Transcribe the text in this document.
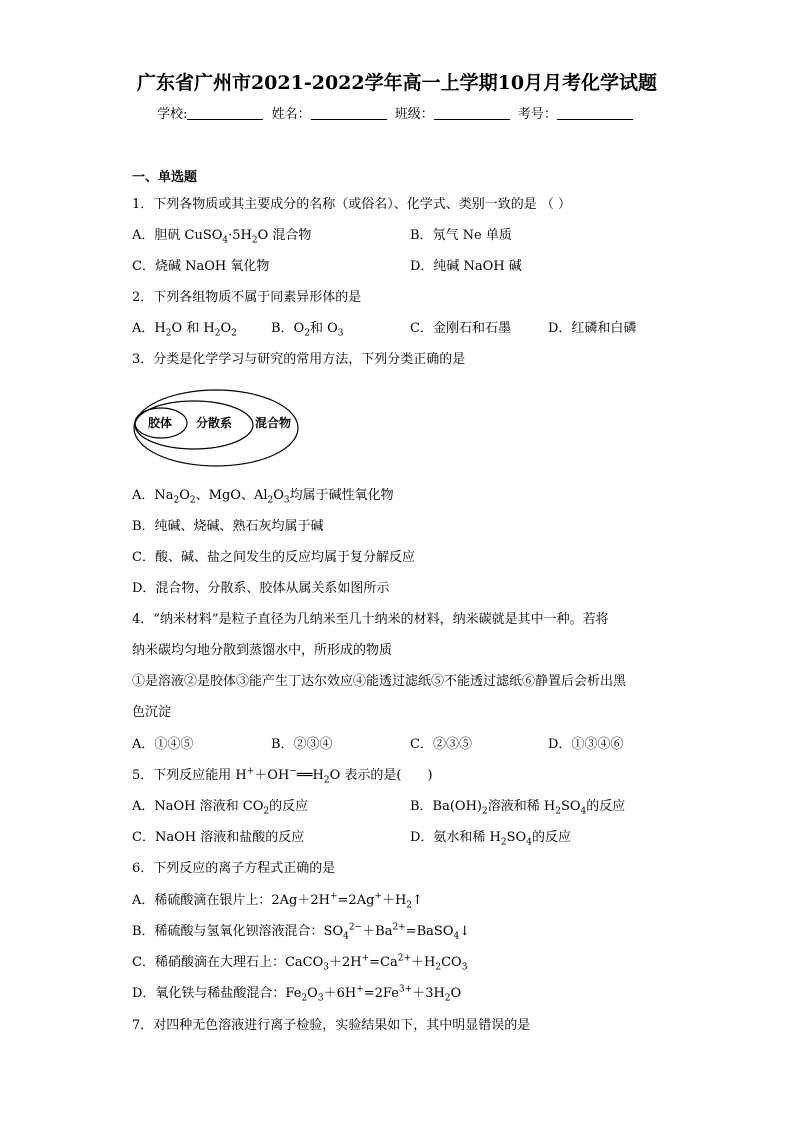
广东省广州市2021-2022学年高一上学期10月月考化学试题
学校:	姓名：	班级：	考号：
一、单选题
1．下列各物质或其主要成分的名称（或俗名）、化学式、类别一致的是 （ ）
A．胆矾 $CuSO_4\cdot 5H_2O$ 混合物	B．氖气 Ne 单质
C．烧碱 NaOH 氧化物	D．纯碱 NaOH 碱
2．下列各组物质不属于同素异形体的是
A．$H_2O$ 和 $H_2O_2$	B．$O_2$和 $O_3$	C．金刚石和石墨	D．红磷和白磷
3．分类是化学学习与研究的常用方法，下列分类正确的是
胶体 分散系 混合物
A．$Na_2O_2$、MgO、$Al_2O_3$均属于碱性氧化物
B．纯碱、烧碱、熟石灰均属于碱
C．酸、碱、盐之间发生的反应均属于复分解反应
D．混合物、分散系、胶体从属关系如图所示
4．“纳米材料”是粒子直径为几纳米至几十纳米的材料，纳米碳就是其中一种。若将
纳米碳均匀地分散到蒸馏水中，所形成的物质
①是溶液②是胶体③能产生丁达尔效应④能透过滤纸⑤不能透过滤纸⑥静置后会析出黑
色沉淀
A．①④⑤	B．②③④	C．②③⑤	D．①③④⑥
5．下列反应能用 $H^++OH^-══H_2O$ 表示的是(　　)
A．NaOH 溶液和 $CO_2$的反应	B．$Ba(OH)_2$溶液和稀 $H_2SO_4$的反应
C．NaOH 溶液和盐酸的反应	D．氨水和稀 $H_2SO_4$的反应
6．下列反应的离子方程式正确的是
A．稀硫酸滴在银片上：$2Ag+2H^+=2Ag^++H_2↑$
B．稀硫酸与氢氧化钡溶液混合：$SO_4^{2-}+Ba^{2+}=BaSO_4↓$
C．稀硝酸滴在大理石上：$CaCO_3+2H^+=Ca^{2+}+H_2CO_3$
D．氧化铁与稀盐酸混合：$Fe_2O_3+6H^+=2Fe^{3+}+3H_2O$
7．对四种无色溶液进行离子检验，实验结果如下，其中明显错误的是
